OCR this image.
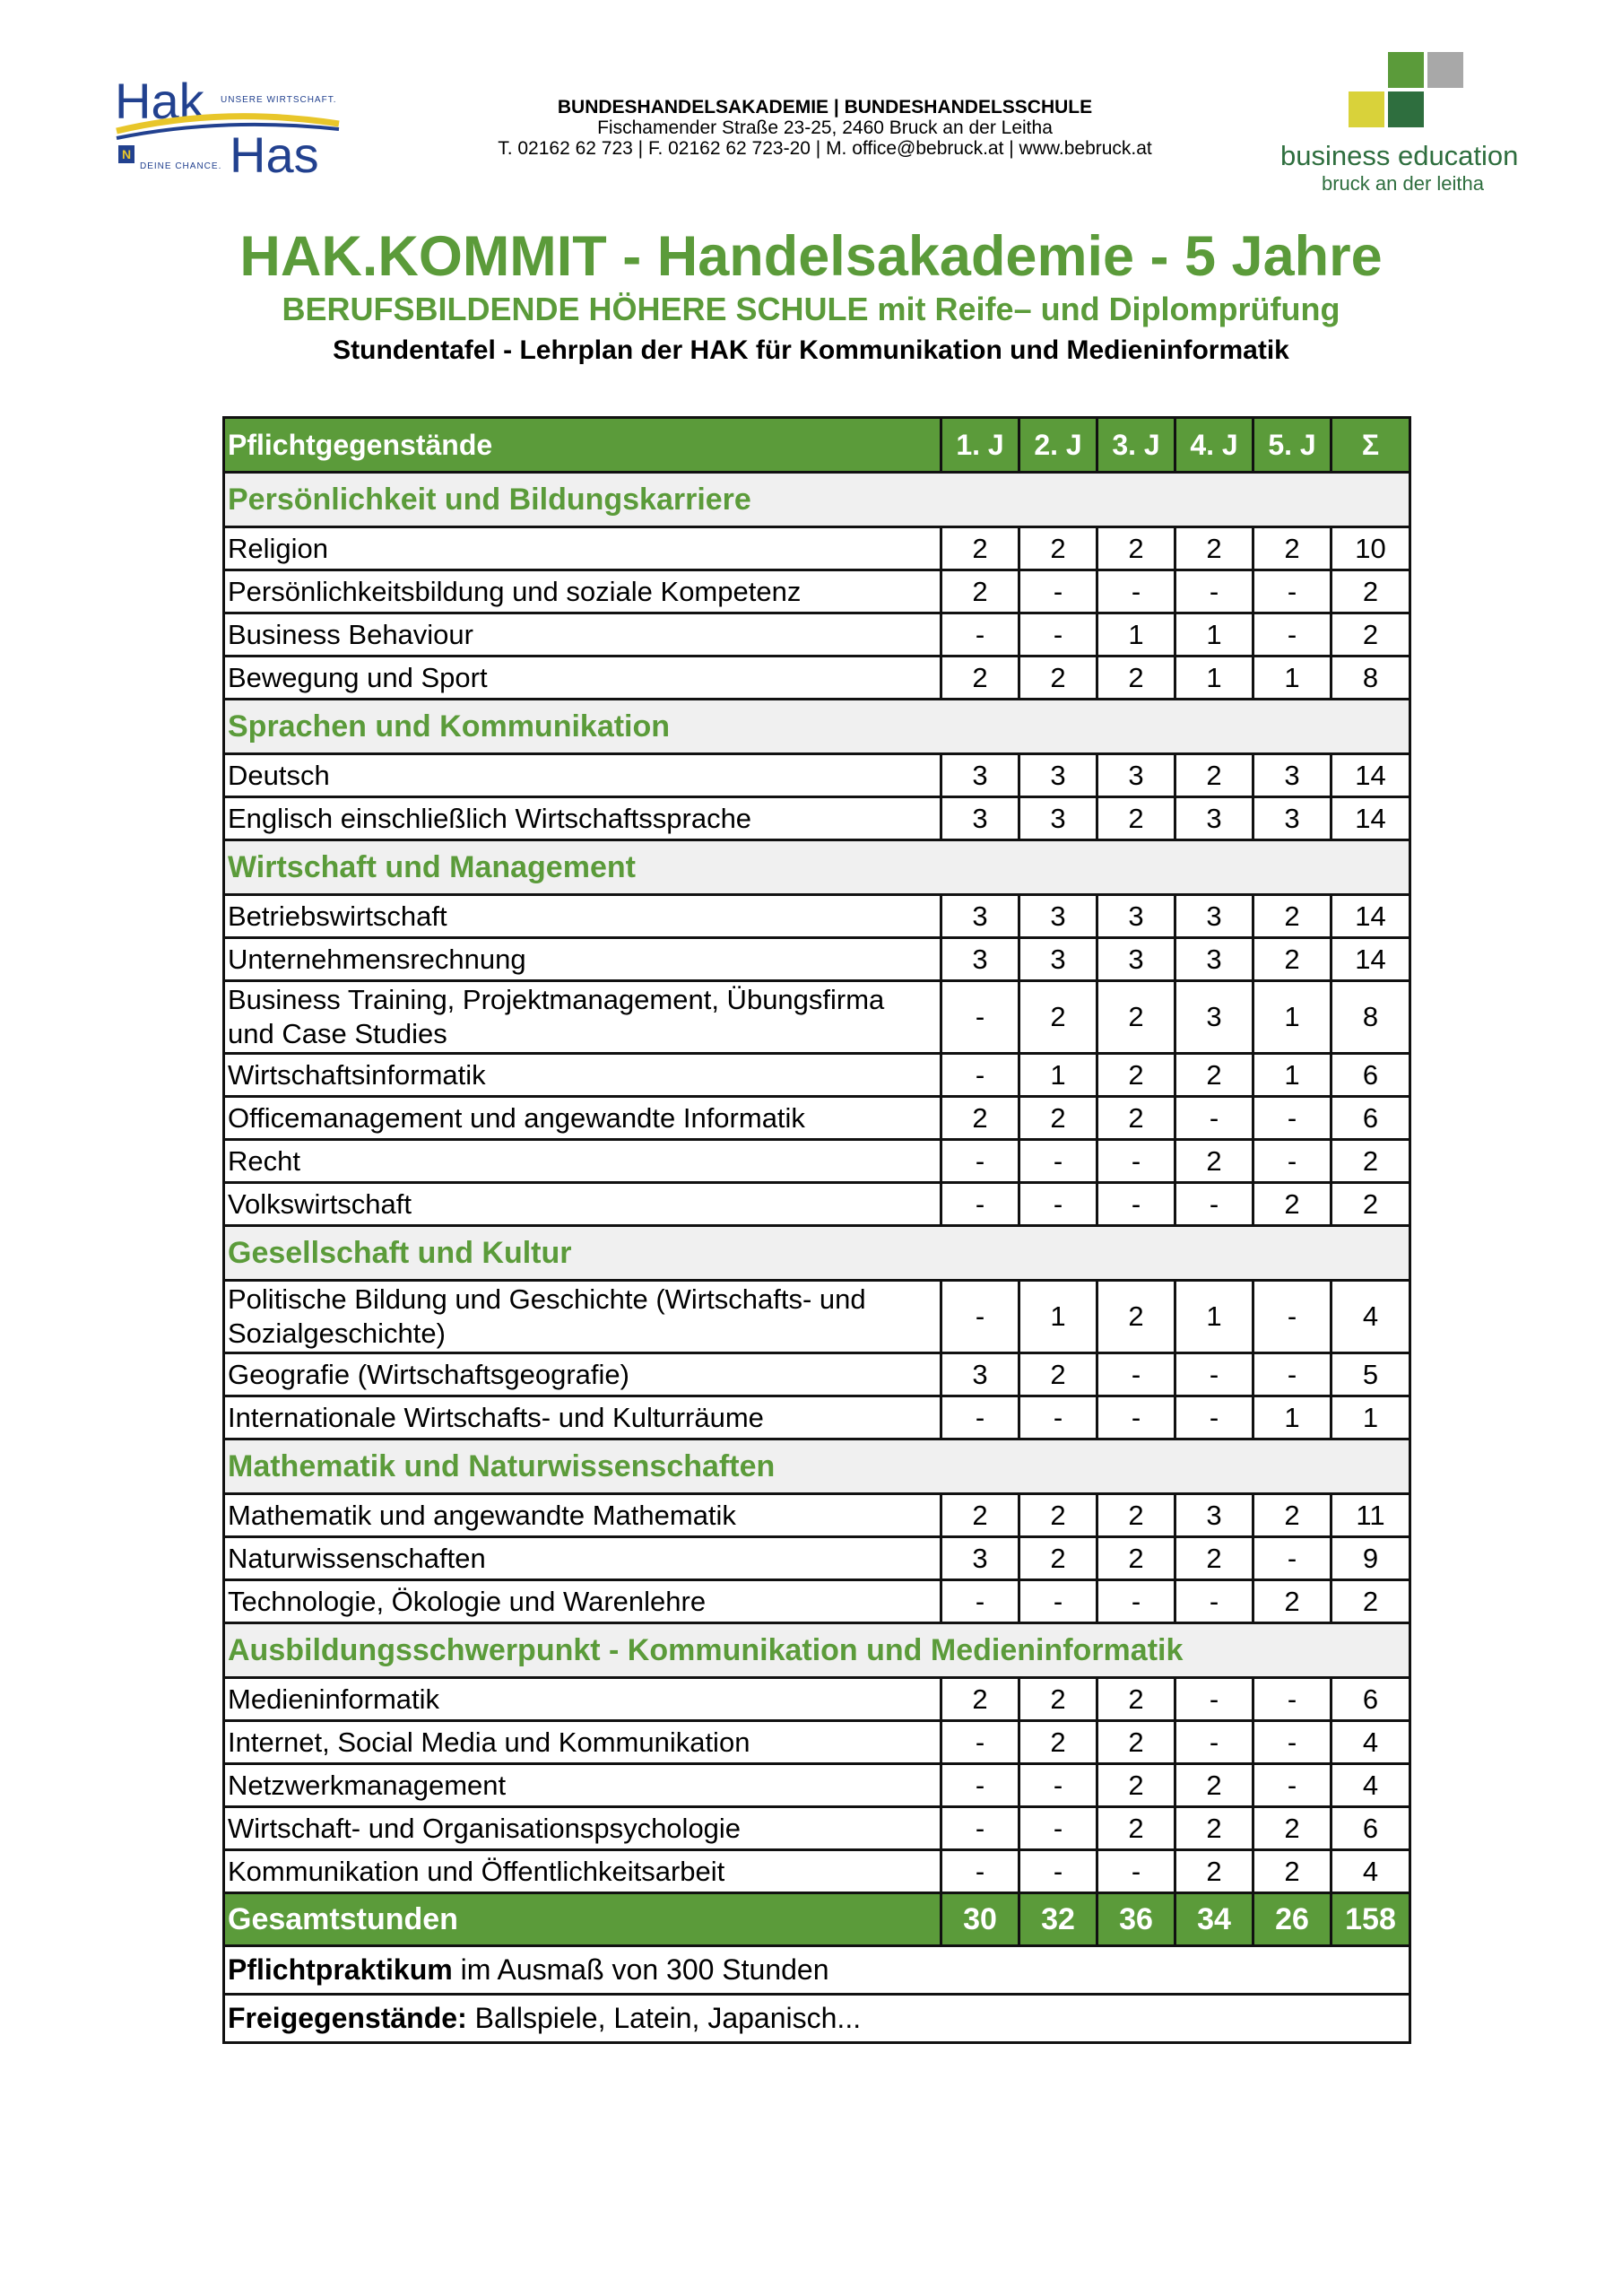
Hak UNSERE WIRTSCHAFT.
N
DEINE CHANCE. Has
BUNDESHANDELSAKADEMIE | BUNDESHANDELSSCHULE
Fischamender Straße 23-25, 2460 Bruck an der Leitha
T. 02162 62 723 | F. 02162 62 723-20 | M. office@bebruck.at | www.bebruck.at	business education
bruck an der leitha
HAK.KOMMIT - Handelsakademie - 5 Jahre
BERUFSBILDENDE HÖHERE SCHULE mit Reife– und Diplomprüfung
Stundentafel - Lehrplan der HAK für Kommunikation und Medieninformatik
Pflichtgegenstände	1. J	2. J	3. J	4. J	5. J	Σ
Persönlichkeit und Bildungskarriere						
Religion	2	2	2	2	2	10
Persönlichkeitsbildung und soziale Kompetenz	2	-	-	-	-	2
Business Behaviour	-	-	1	1	-	2
Bewegung und Sport	2	2	2	1	1	8
Sprachen und Kommunikation						
Deutsch	3	3	3	2	3	14
Englisch einschließlich Wirtschaftssprache	3	3	2	3	3	14
Wirtschaft und Management						
Betriebswirtschaft	3	3	3	3	2	14
Unternehmensrechnung	3	3	3	3	2	14
Business Training, Projektmanagement, Übungsfirma und Case Studies	-	2	2	3	1	8
Wirtschaftsinformatik	-	1	2	2	1	6
Officemanagement und angewandte Informatik	2	2	2	-	-	6
Recht	-	-	-	2	-	2
Volkswirtschaft	-	-	-	-	2	2
Gesellschaft und Kultur						
Politische Bildung und Geschichte (Wirtschafts- und Sozialgeschichte)	-	1	2	1	-	4
Geografie (Wirtschaftsgeografie)	3	2	-	-	-	5
Internationale Wirtschafts- und Kulturräume	-	-	-	-	1	1
Mathematik und Naturwissenschaften						
Mathematik und angewandte Mathematik	2	2	2	3	2	11
Naturwissenschaften	3	2	2	2	-	9
Technologie, Ökologie und Warenlehre	-	-	-	-	2	2
Ausbildungsschwerpunkt - Kommunikation und Medieninformatik						
Medieninformatik	2	2	2	-	-	6
Internet, Social Media und Kommunikation	-	2	2	-	-	4
Netzwerkmanagement	-	-	2	2	-	4
Wirtschaft- und Organisationspsychologie	-	-	2	2	2	6
Kommunikation und Öffentlichkeitsarbeit	-	-	-	2	2	4
Gesamtstunden	30	32	36	34	26	158
Pflichtpraktikum im Ausmaß von 300 Stunden						
Freigegenstände: Ballspiele, Latein, Japanisch...						
